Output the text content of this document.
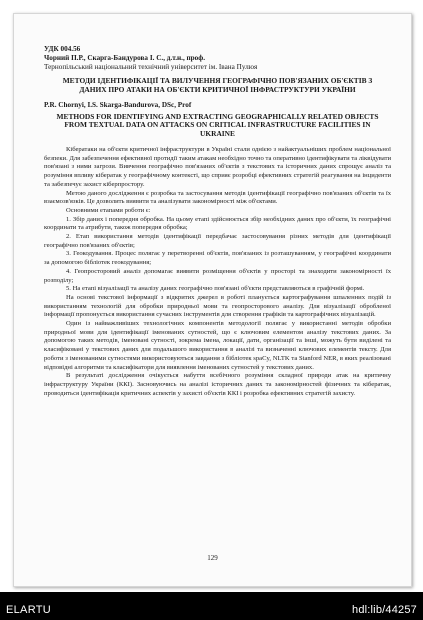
УДК 004.56
Чорний П.Р., Скарга-Бандурова І. С., д.т.н., проф.
Тернопільський національний технічний університет ім. Івана Пулюя
МЕТОДИ ІДЕНТИФІКАЦІЇ ТА ВИЛУЧЕННЯ ГЕОГРАФІЧНО ПОВ'ЯЗАНИХ ОБ'ЄКТІВ З ДАНИХ ПРО АТАКИ НА ОБ'ЄКТИ КРИТИЧНОЇ ІНФРАСТРУКТУРИ УКРАЇНИ
P.R. Chornyi, I.S. Skarga-Bandurova, DSc, Prof
METHODS FOR IDENTIFYING AND EXTRACTING GEOGRAPHICALLY RELATED OBJECTS FROM TEXTUAL DATA ON ATTACKS ON CRITICAL INFRASTRUCTURE FACILITIES IN UKRAINE

Кібератаки на об'єкти критичної інфраструктури в Україні стали однією з найактуальніших проблем національної безпеки. Для забезпечення ефективної протидії таким атакам необхідно точно та оперативно ідентифікувати та ліквідувати пов'язані з ними загрози. Вивчення географічно пов'язаних об'єктів з текстових та історичних даних спрощує аналіз та розуміння впливу кібератак у географічному контексті, що сприяє розробці ефективних стратегій реагування на інциденти та забезпечує захист кіберпростору.

Метою даного дослідження є розробка та застосування методів ідентифікації географічно пов'язаних об'єктів та їх взаємозв'язків. Це дозволить виявити та аналізувати закономірності між об'єктами.

Основними етапами роботи є:

1. Збір даних і попередня обробка. На цьому етапі здійснюється збір необхідних даних про об'єкти, їх географічні координати та атрибути, також попередня обробка;

2. Етап використання методів ідентифікації передбачає застосовування різних методів для ідентифікації географічно пов'язаних об'єктів;

3. Геокодування. Процес полягає у перетворенні об'єктів, пов'язаних із розташуванням, у географічні координати за допомогою бібліотек геокодування;

4. Геопросторовий аналіз допомагає виявити розміщення об'єктів у просторі та знаходити закономірності їх розподілу;

5. На етапі візуалізації та аналізу даних географічно пов'язані об'єкти представляються в графічній формі.

На основі текстової інформації з відкритих джерел в роботі планується картографування шпаленних подій із використанням технологій для обробки природньої мови та геопросторового аналізу. Для візуалізації обробленої інформації пропонується використання сучасних інструментів для створення графіків та картографічних візуалізацій.

Один із найважливіших технологічних компонентів методології полягає у використанні методів обробки природньої мови для ідентифікації іменованих сутностей, що є ключовим елементом аналізу текстових даних. За допомогою таких методів, іменовані сутності, зокрема імена, локації, дати, організації та інші, можуть бути виділені та класифіковані у текстових даних для подальшого використання в аналізі та визначенні ключових елементів тексту. Для роботи з іменованими сутностями використовуються завдання з бібліотек spaCy, NLTK та Stanford NER, в яких реалізовані відповідні алгоритми та класифікатори для виявлення іменованих сутностей у текстових даних.

В результаті дослідження очікується набуття всебічного розуміння складної природи атак на критичну інфраструктуру України (ККІ). Засновуючись на аналізі історичних даних та закономірностей фізичних та кібератак, проводиться ідентифікація критичних аспектів у захисті об'єктів ККІ і розробка ефективних стратегій захисту.

129
ELARTU	hdl:lib/44257
